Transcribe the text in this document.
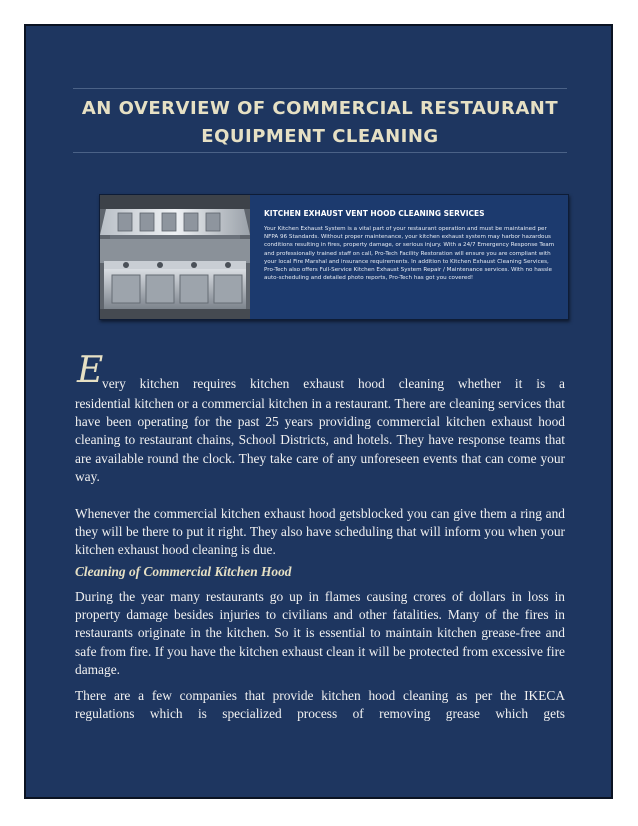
AN OVERVIEW OF COMMERCIAL RESTAURANT EQUIPMENT CLEANING
KITCHEN EXHAUST VENT HOOD CLEANING SERVICES
Your Kitchen Exhaust System is a vital part of your restaurant operation and must be maintained per NFPA 96 Standards. Without proper maintenance, your kitchen exhaust system may harbor hazardous conditions resulting in fires, property damage, or serious injury. With a 24/7 Emergency Response Team and professionally trained staff on call, Pro-Tech Facility Restoration will ensure you are compliant with your local Fire Marshal and insurance requirements. In addition to Kitchen Exhaust Cleaning Services, Pro-Tech also offers Full-Service Kitchen Exhaust System Repair / Maintenance services. With no hassle auto-scheduling and detailed photo reports, Pro-Tech has got you covered!
E
very kitchen requires kitchen exhaust hood cleaning whether it is a
residential kitchen or a commercial kitchen in a restaurant. There are cleaning services that have been operating for the past 25 years providing commercial kitchen exhaust hood cleaning to restaurant chains, School Districts, and hotels. They have response teams that are available round the clock. They take care of any unforeseen events that can come your way.
Whenever the commercial kitchen exhaust hood getsblocked you can give them a ring and they will be there to put it right. They also have scheduling that will inform you when your kitchen exhaust hood cleaning is due.
Cleaning of Commercial Kitchen Hood
During the year many restaurants go up in flames causing crores of dollars in loss in property damage besides injuries to civilians and other fatalities. Many of the fires in restaurants originate in the kitchen. So it is essential to maintain kitchen grease-free and safe from fire. If you have the kitchen exhaust clean it will be protected from excessive fire damage.
There are a few companies that provide kitchen hood cleaning as per the IKECA regulations which is specialized process of removing grease which gets
